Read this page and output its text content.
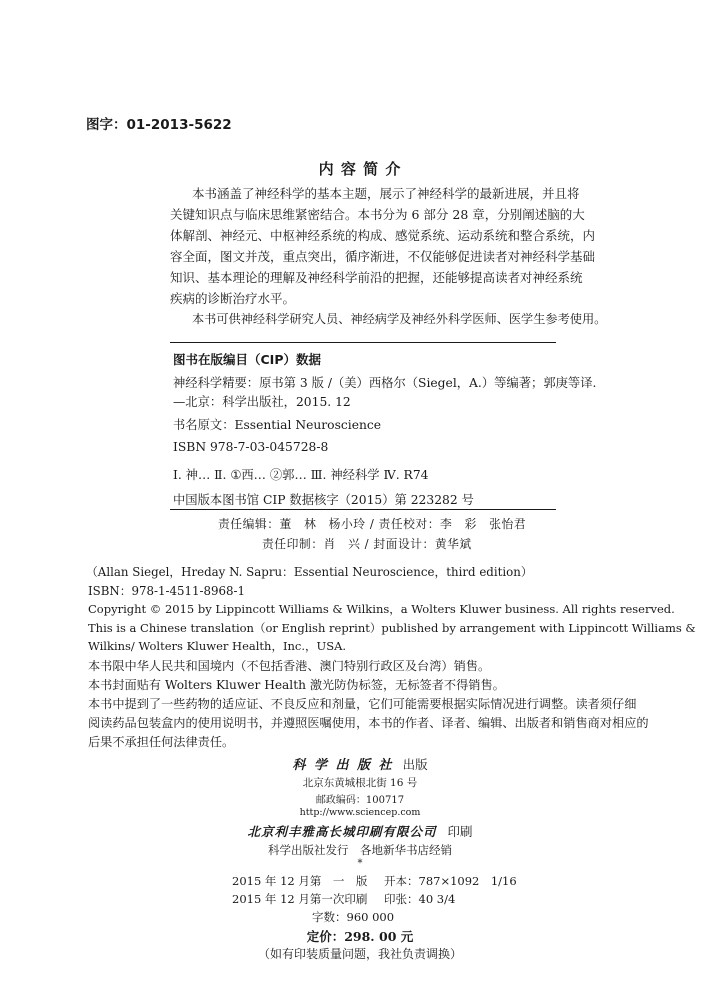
图字：01-2013-5622
内 容 简 介
本书涵盖了神经科学的基本主题，展示了神经科学的最新进展，并且将
关键知识点与临床思维紧密结合。本书分为 6 部分 28 章，分别阐述脑的大
体解剖、神经元、中枢神经系统的构成、感觉系统、运动系统和整合系统，内
容全面，图文并茂，重点突出，循序渐进，不仅能够促进读者对神经科学基础
知识、基本理论的理解及神经科学前沿的把握，还能够提高读者对神经系统
疾病的诊断治疗水平。
本书可供神经科学研究人员、神经病学及神经外科学医师、医学生参考使用。
图书在版编目（CIP）数据
神经科学精要：原书第 3 版 /（美）西格尔（Siegel，A.）等编著；郭庚等译.
—北京：科学出版社，2015. 12
书名原文：Essential Neuroscience
ISBN 978-7-03-045728-8
Ⅰ. 神… Ⅱ. ①西… ②郭… Ⅲ. 神经科学 Ⅳ. R74
中国版本图书馆 CIP 数据核字（2015）第 223282 号
责任编辑：董　林　杨小玲 / 责任校对：李　彩　张怡君
责任印制：肖　兴 / 封面设计：黄华斌
（Allan Siegel，Hreday N. Sapru：Essential Neuroscience，third edition）
ISBN：978-1-4511-8968-1
Copyright © 2015 by Lippincott Williams & Wilkins，a Wolters Kluwer business. All rights reserved.
This is a Chinese translation（or English reprint）published by arrangement with Lippincott Williams &
Wilkins/ Wolters Kluwer Health，Inc.，USA.
本书限中华人民共和国境内（不包括香港、澳门特别行政区及台湾）销售。
本书封面贴有 Wolters Kluwer Health 激光防伪标签，无标签者不得销售。
本书中提到了一些药物的适应证、不良反应和剂量，它们可能需要根据实际情况进行调整。读者须仔细
阅读药品包装盒内的使用说明书，并遵照医嘱使用，本书的作者、译者、编辑、出版者和销售商对相应的
后果不承担任何法律责任。
科 学 出 版 社 出版
北京东黄城根北街 16 号
邮政编码：100717
http://www.sciencep.com
北京利丰雅高长城印刷有限公司 印刷
科学出版社发行　各地新华书店经销
*
2015 年 12 月第　一　版 开本：787×1092　1/16
2015 年 12 月第一次印刷 印张：40 3/4
字数：960 000
定价：298. 00 元
（如有印装质量问题，我社负责调换）
